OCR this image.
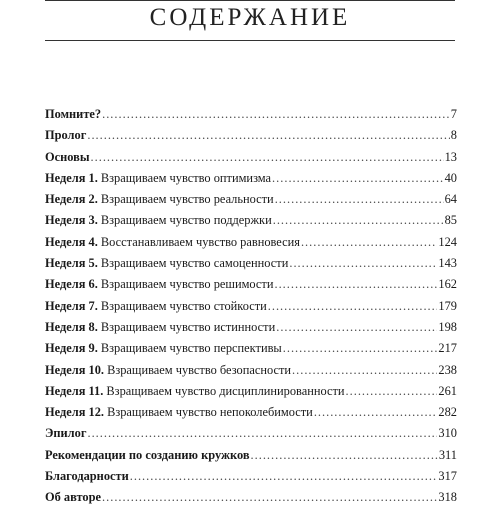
СОДЕРЖАНИЕ
Помните? .....	7
Пролог .....	8
Основы .....	13
Неделя 1. Взращиваем чувство оптимизма .....	40
Неделя 2. Взращиваем чувство реальности .....	64
Неделя 3. Взращиваем чувство поддержки .....	85
Неделя 4. Восстанавливаем чувство равновесия .....	124
Неделя 5. Взращиваем чувство самоценности .....	143
Неделя 6. Взращиваем чувство решимости .....	162
Неделя 7. Взращиваем чувство стойкости .....	179
Неделя 8. Взращиваем чувство истинности .....	198
Неделя 9. Взращиваем чувство перспективы .....	217
Неделя 10. Взращиваем чувство безопасности .....	238
Неделя 11. Взращиваем чувство дисциплинированности .....	261
Неделя 12. Взращиваем чувство непоколебимости .....	282
Эпилог .....	310
Рекомендации по созданию кружков .....	311
Благодарности .....	317
Об авторе .....	318
